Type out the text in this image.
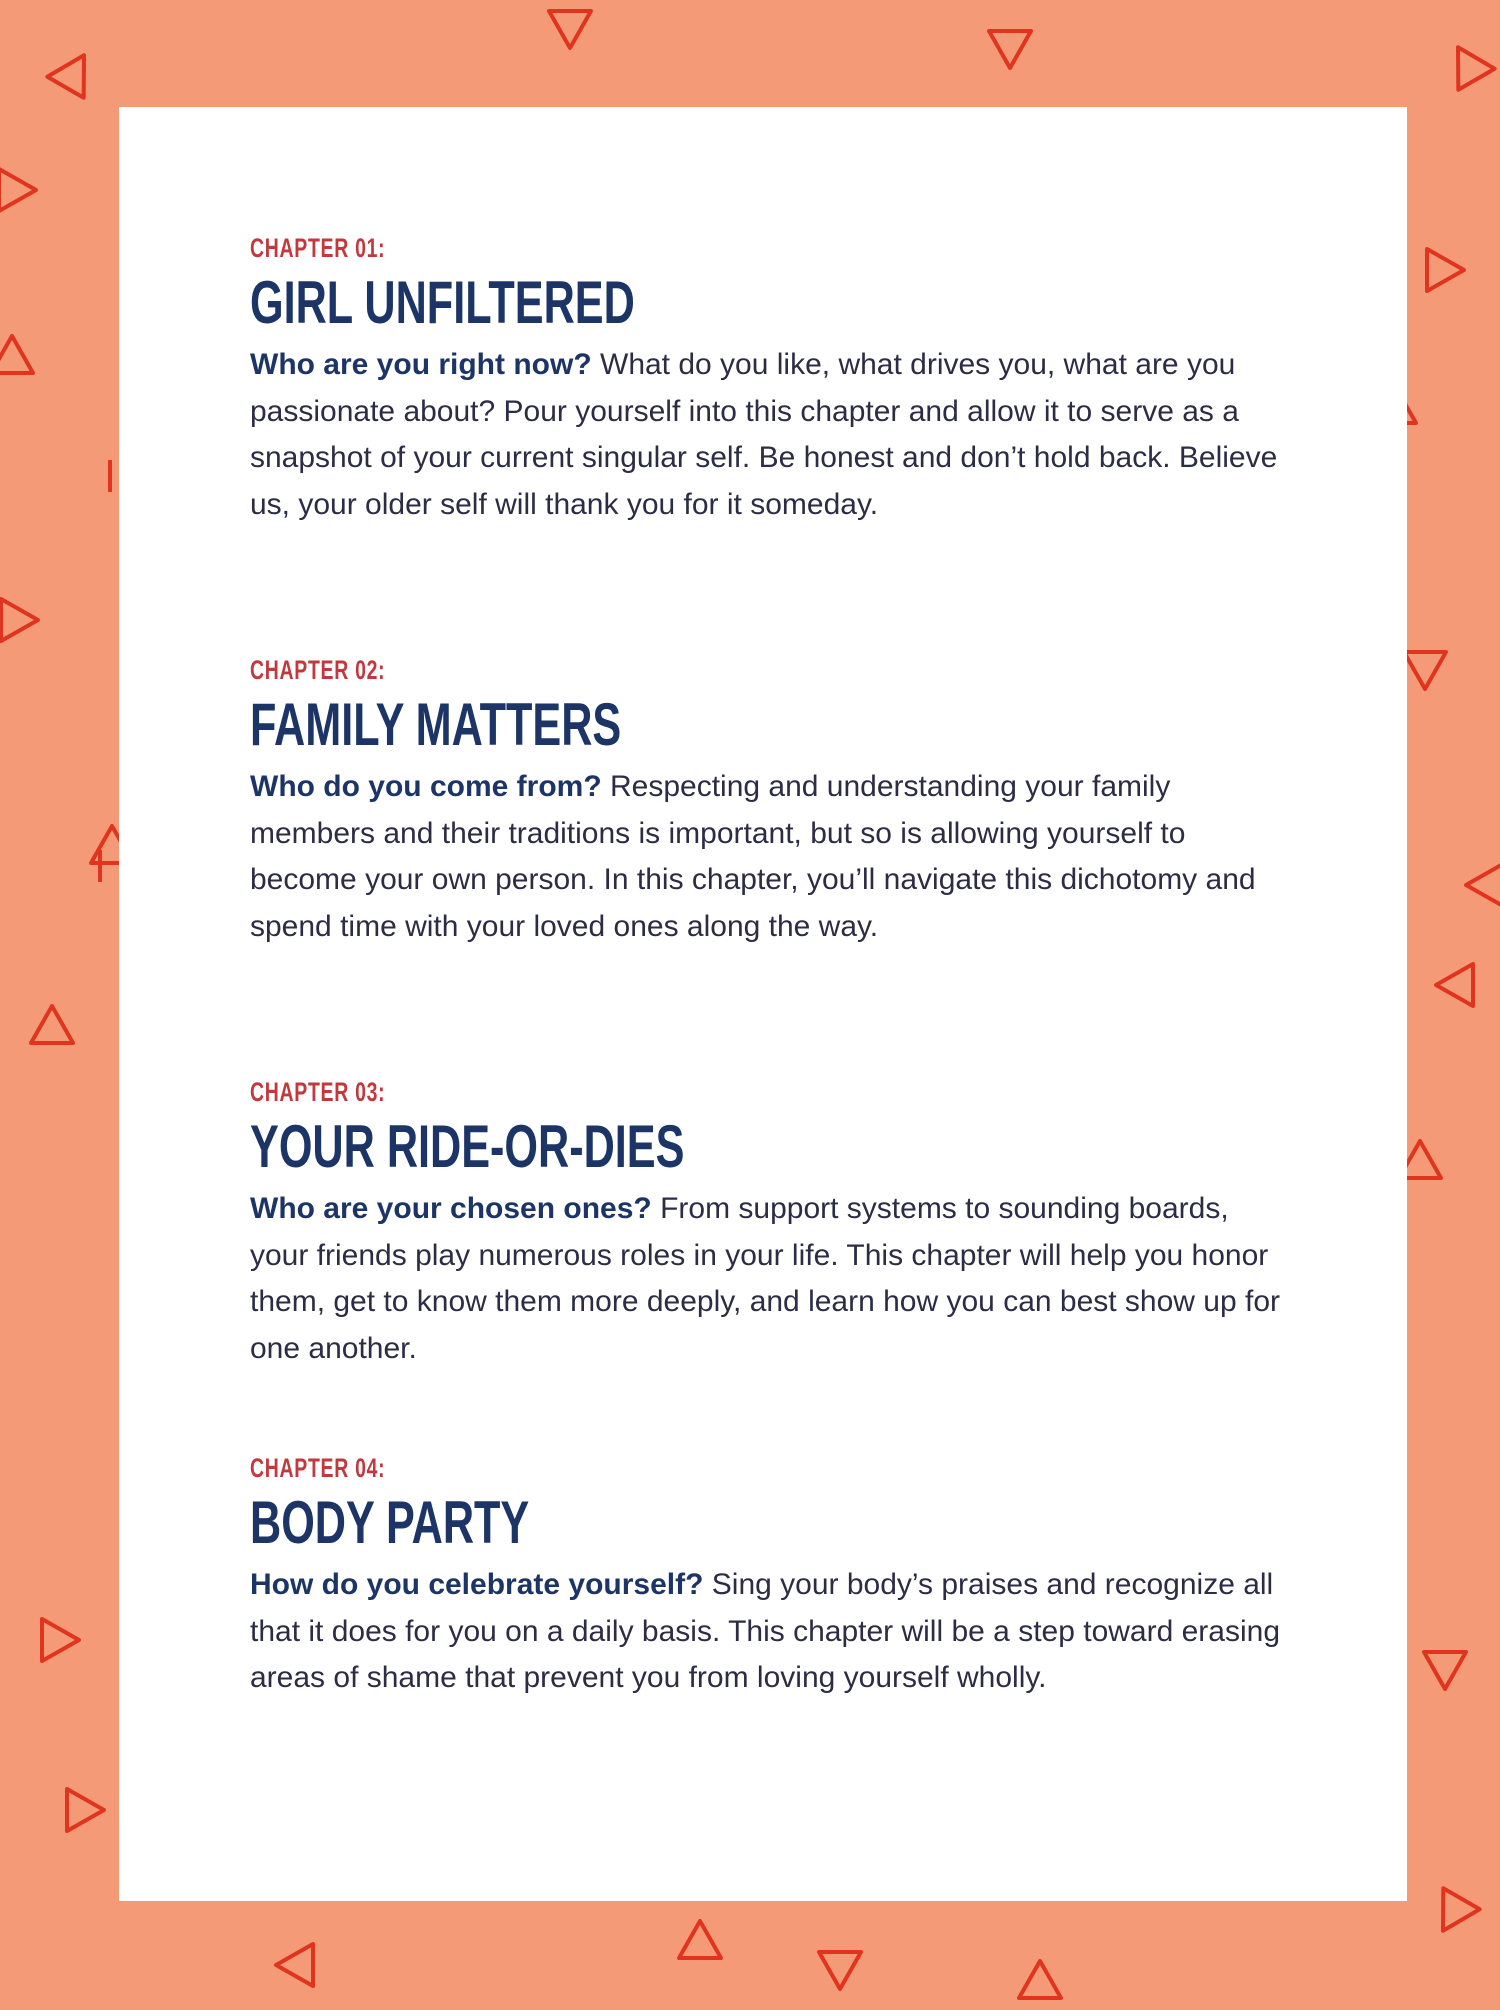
CHAPTER 01:
GIRL UNFILTERED

Who are you right now? What do you like, what drives you, what are you passionate about? Pour yourself into this chapter and allow it to serve as a snapshot of your current singular self. Be honest and don’t hold back. Believe us, your older self will thank you for it someday.

CHAPTER 02:
FAMILY MATTERS

Who do you come from? Respecting and understanding your family members and their traditions is important, but so is allowing yourself to become your own person. In this chapter, you’ll navigate this dichotomy and spend time with your loved ones along the way.

CHAPTER 03:
YOUR RIDE-OR-DIES

Who are your chosen ones? From support systems to sounding boards, your friends play numerous roles in your life. This chapter will help you honor them, get to know them more deeply, and learn how you can best show up for one another.

CHAPTER 04:
BODY PARTY

How do you celebrate yourself? Sing your body’s praises and recognize all that it does for you on a daily basis. This chapter will be a step toward erasing areas of shame that prevent you from loving yourself wholly.
